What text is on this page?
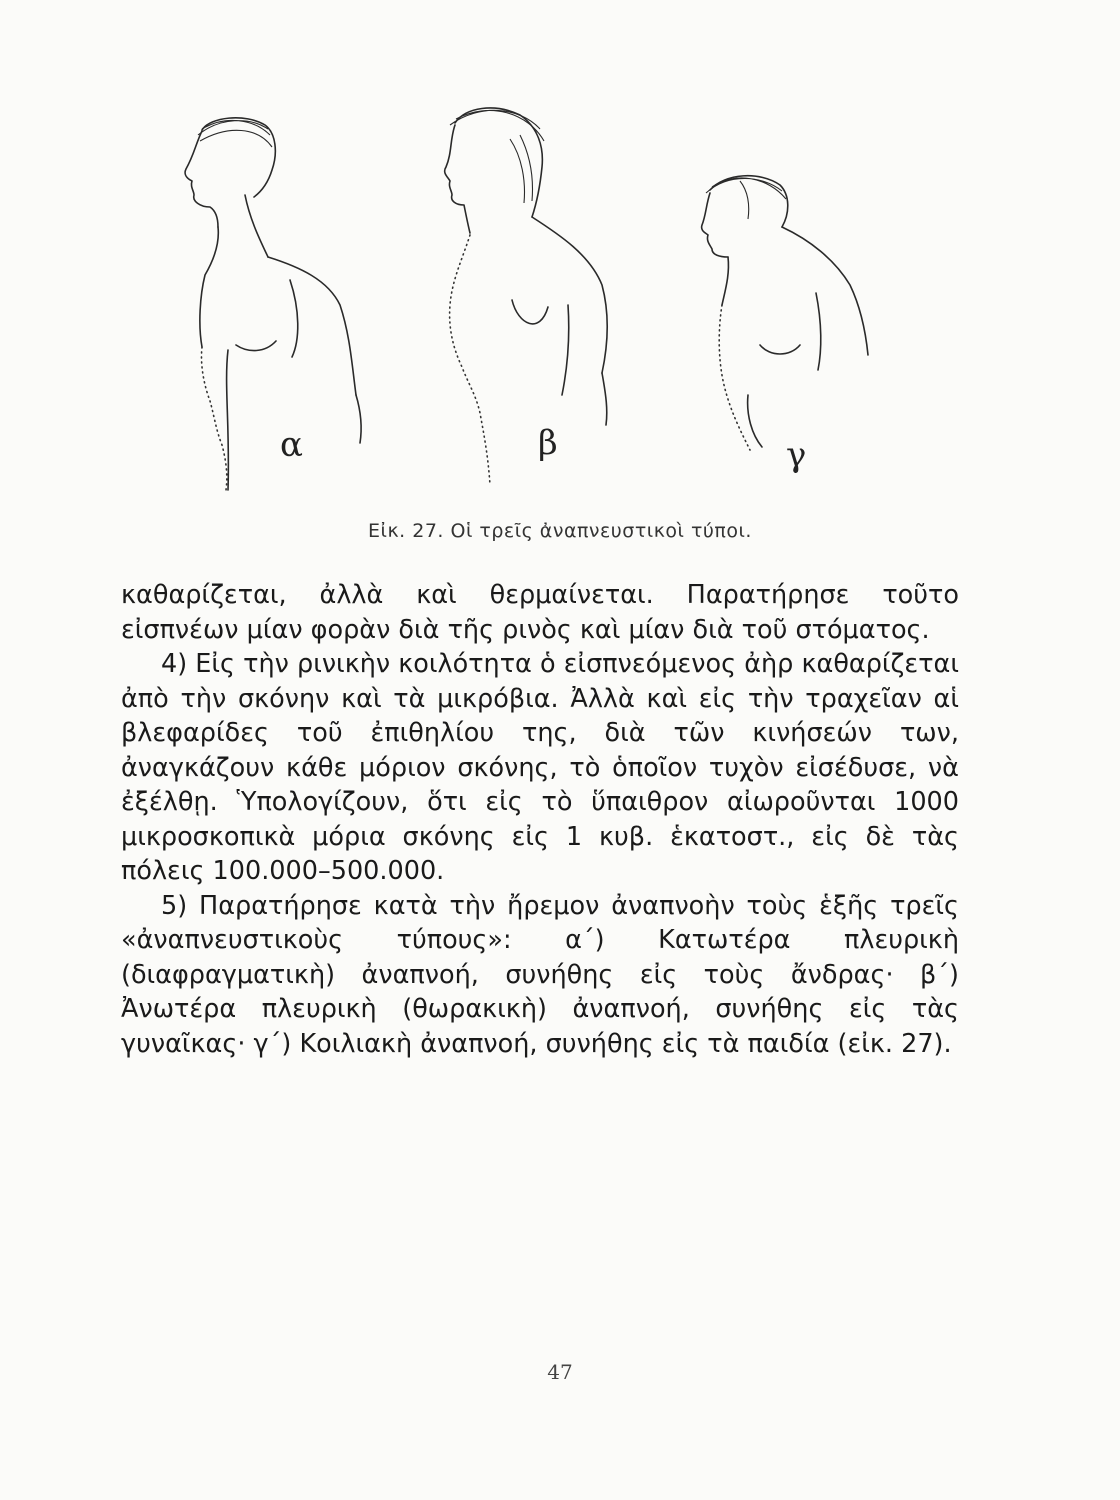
α	β	γ
Εἰκ. 27. Οἱ τρεῖς ἀναπνευστικοὶ τύποι.

καθαρίζεται, ἀλλὰ καὶ θερμαίνεται. Παρατήρησε τοῦτο εἰσπνέων μίαν φορὰν διὰ τῆς ρινὸς καὶ μίαν διὰ τοῦ στόματος.

4) Εἰς τὴν ρινικὴν κοιλότητα ὁ εἰσπνεόμενος ἀὴρ καθαρίζεται ἀπὸ τὴν σκόνην καὶ τὰ μικρόβια. Ἀλλὰ καὶ εἰς τὴν τραχεῖαν αἱ βλεφαρίδες τοῦ ἐπιθηλίου της, διὰ τῶν κινήσεών των, ἀναγκάζουν κάθε μόριον σκόνης, τὸ ὁποῖον τυχὸν εἰσέδυσε, νὰ ἐξέλθῃ. Ὑπολογίζουν, ὅτι εἰς τὸ ὕπαιθρον αἰωροῦνται 1000 μικροσκοπικὰ μόρια σκόνης εἰς 1 κυβ. ἑκατοστ., εἰς δὲ τὰς πόλεις 100.000–500.000.

5) Παρατήρησε κατὰ τὴν ἤρεμον ἀναπνοὴν τοὺς ἑξῆς τρεῖς «ἀναπνευστικοὺς τύπους»: α΄) Κατωτέρα πλευρικὴ (διαφραγματικὴ) ἀναπνοή, συνήθης εἰς τοὺς ἄνδρας· β΄) Ἀνωτέρα πλευρικὴ (θωρακικὴ) ἀναπνοή, συνήθης εἰς τὰς γυναῖκας· γ΄) Κοιλιακὴ ἀναπνοή, συνήθης εἰς τὰ παιδία (εἰκ. 27).

47
